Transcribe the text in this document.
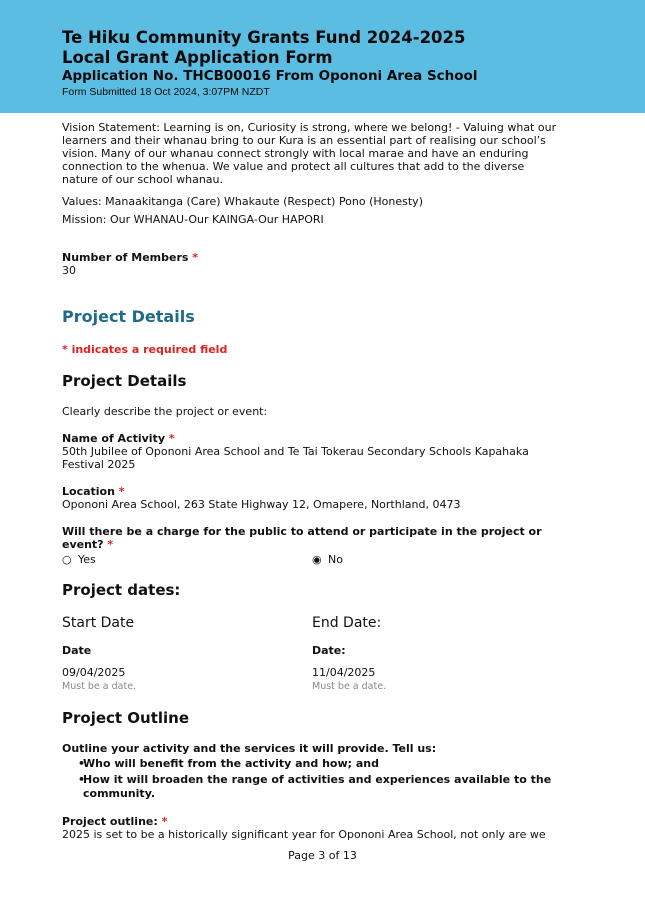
Te Hiku Community Grants Fund 2024-2025
Local Grant Application Form
Application No. THCB00016 From Opononi Area School
Form Submitted 18 Oct 2024, 3:07PM NZDT

Vision Statement: Learning is on, Curiosity is strong, where we belong! - Valuing what our learners and their whanau bring to our Kura is an essential part of realising our school’s vision. Many of our whanau connect strongly with local marae and have an enduring connection to the whenua. We value and protect all cultures that add to the diverse nature of our school whanau.

Values: Manaakitanga (Care) Whakaute (Respect) Pono (Honesty)

Mission: Our WHANAU-Our KAINGA-Our HAPORI

Number of Members *
30
Project Details
* indicates a required field
Project Details

Clearly describe the project or event:

Name of Activity *
50th Jubilee of Opononi Area School and Te Tai Tokerau Secondary Schools Kapahaka Festival 2025
Location *
Opononi Area School, 263 State Highway 12, Omapere, Northland, 0473
Will there be a charge for the public to attend or participate in the project or event? *
○ Yes	◉ No
Project dates:
Start Date
Date
09/04/2025
Must be a date.
End Date:
Date:
11/04/2025
Must be a date.
Project Outline
Outline your activity and the services it will provide. Tell us:
•
Who will benefit from the activity and how; and
•
How it will broaden the range of activities and experiences available to the community.
Project outline: *
2025 is set to be a historically significant year for Opononi Area School, not only are we
Page 3 of 13
